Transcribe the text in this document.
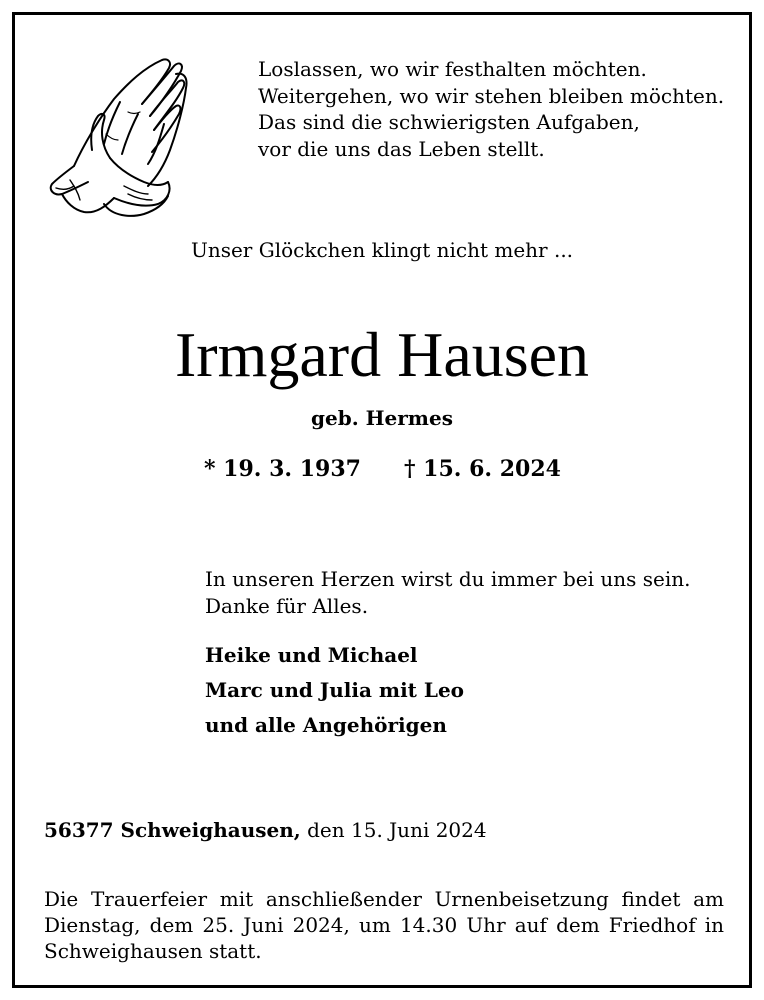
Loslassen, wo wir festhalten möchten.
Weitergehen, wo wir stehen bleiben möchten.
Das sind die schwierigsten Aufgaben,
vor die uns das Leben stellt.
Unser Glöckchen klingt nicht mehr ...
Irmgard Hausen
geb. Hermes
* 19. 3. 1937 † 15. 6. 2024
In unseren Herzen wirst du immer bei uns sein.
Danke für Alles.
Heike und Michael
Marc und Julia mit Leo
und alle Angehörigen
56377 Schweighausen, den 15. Juni 2024
Die Trauerfeier mit anschließender Urnenbeisetzung findet am Dienstag, dem 25. Juni 2024, um 14.30 Uhr auf dem Friedhof in Schweighausen statt.
